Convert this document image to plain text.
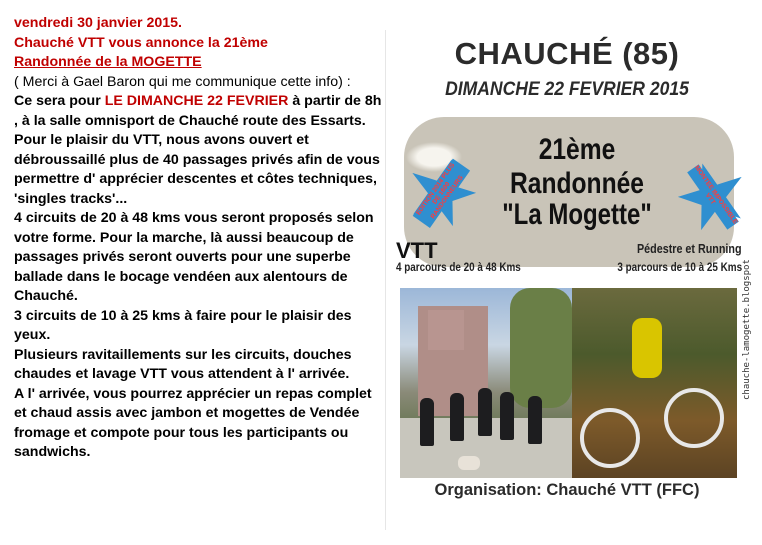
vendredi 30 janvier 2015.

Chauché VTT vous annonce la 21ème
Randonnée de la MOGETTE

( Merci à Gael Baron qui me communique cette info) :

Ce sera pour LE DIMANCHE 22 FEVRIER à partir de 8h , à la salle omnisport de Chauché route des Essarts.

Pour le plaisir du VTT, nous avons ouvert et débroussaillé plus de 40 passages privés afin de vous permettre d' apprécier descentes et côtes techniques, 'singles tracks'...

4 circuits de 20 à 48 kms vous seront proposés selon votre forme. Pour la marche, là aussi beaucoup de passages privés seront ouverts pour une superbe ballade dans le bocage vendéen aux alentours de Chauché.

3 circuits de 10 à 25 kms à faire pour le plaisir des yeux.

Plusieurs ravitaillements sur les circuits, douches chaudes et lavage VTT vous attendent à l' arrivée.

A l' arrivée, vous pourrez apprécier un repas complet et chaud assis avec jambon et mogettes de Vendée fromage et compote pour tous les participants ou sandwichs.

CHAUCHÉ (85)
DIMANCHE 22 FEVRIER 2015
21ème Randonnée
"La Mogette"
EDITION 2014 PLUS DE 1600 RANDONNEURS	MONTEE IMPOSSIBLE VTT
VTT
4 parcours de 20 à 48 Kms
Pédestre et Running
3 parcours de 10 à 25 Kms
Organisation: Chauché VTT (FFC)
chauche-lamogette.blogspot
